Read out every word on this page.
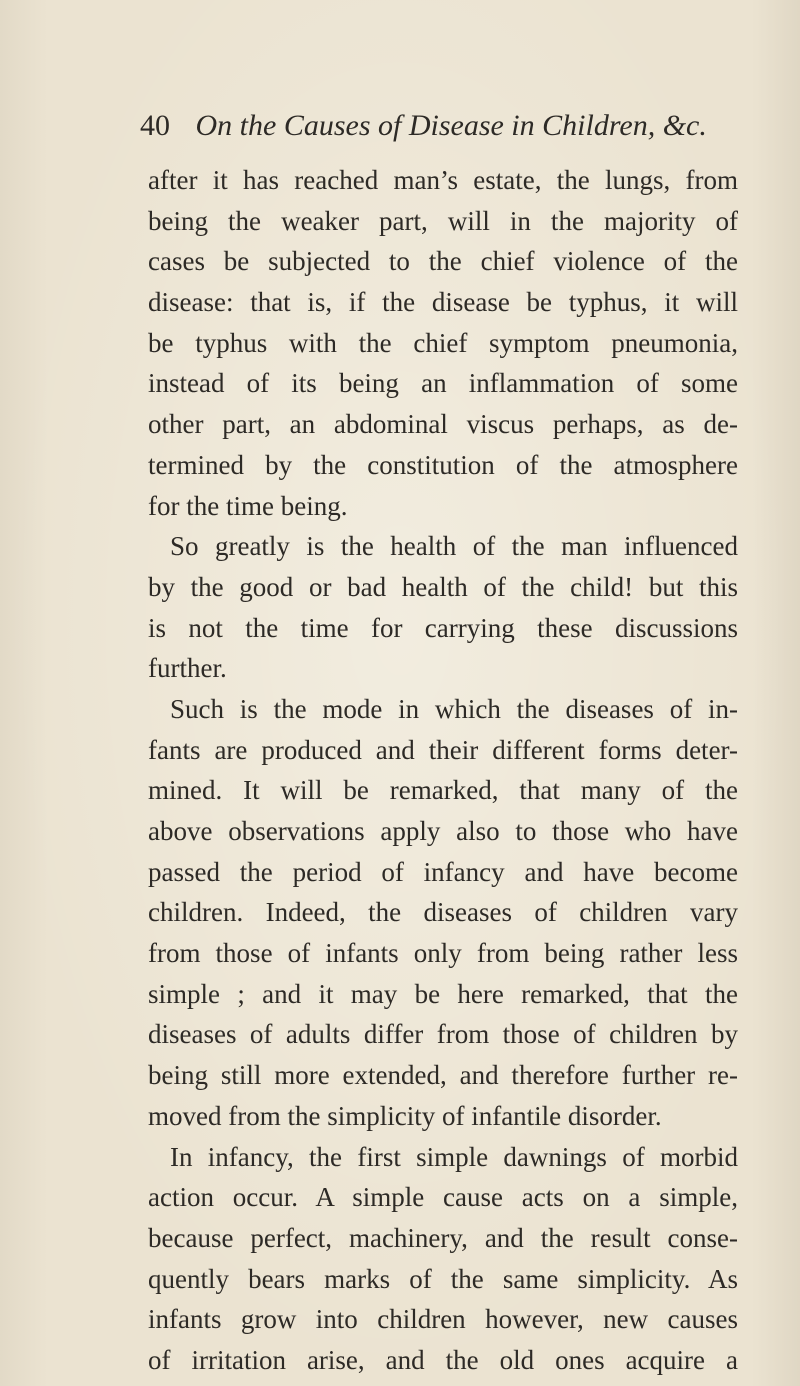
40 On the Causes of Disease in Children, &c.
after it has reached man’s estate, the lungs, from
being the weaker part, will in the majority of
cases be subjected to the chief violence of the
disease: that is, if the disease be typhus, it will
be typhus with the chief symptom pneumonia,
instead of its being an inflammation of some
other part, an abdominal viscus perhaps, as de-
termined by the constitution of the atmosphere
for the time being.
So greatly is the health of the man influenced
by the good or bad health of the child! but this
is not the time for carrying these discussions
further.
Such is the mode in which the diseases of in-
fants are produced and their different forms deter-
mined. It will be remarked, that many of the
above observations apply also to those who have
passed the period of infancy and have become
children. Indeed, the diseases of children vary
from those of infants only from being rather less
simple ; and it may be here remarked, that the
diseases of adults differ from those of children by
being still more extended, and therefore further re-
moved from the simplicity of infantile disorder.
In infancy, the first simple dawnings of morbid
action occur. A simple cause acts on a simple,
because perfect, machinery, and the result conse-
quently bears marks of the same simplicity. As
infants grow into children however, new causes
of irritation arise, and the old ones acquire a
